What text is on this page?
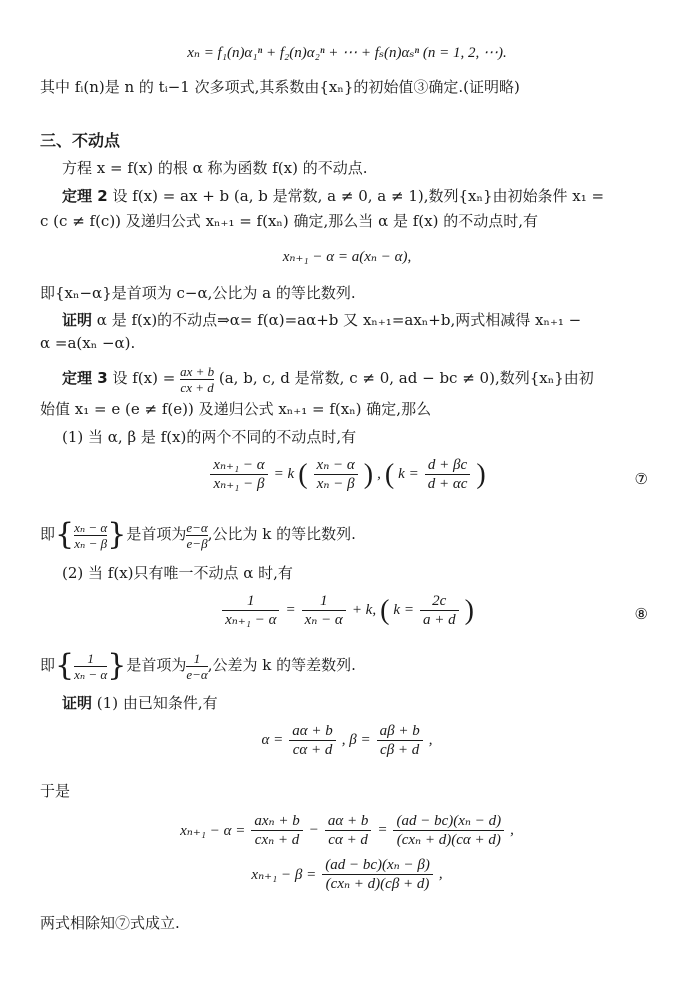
xₙ = f₁(n)α₁ⁿ + f₂(n)α₂ⁿ + ⋯ + fₛ(n)αₛⁿ (n = 1, 2, ⋯).
其中 fᵢ(n)是 n 的 tᵢ−1 次多项式,其系数由{xₙ}的初始值③确定.(证明略)
三、不动点
方程 x = f(x) 的根 α 称为函数 f(x) 的不动点.
定理 2 设 f(x) = ax + b (a, b 是常数, a ≠ 0, a ≠ 1),数列{xₙ}由初始条件 x₁ =
c (c ≠ f(c)) 及递归公式 xₙ₊₁ = f(xₙ) 确定,那么当 α 是 f(x) 的不动点时,有
xₙ₊₁ − α = a(xₙ − α),
即{xₙ−α}是首项为 c−α,公比为 a 的等比数列.
证明 α 是 f(x)的不动点⇒α= f(α)=aα+b 又 xₙ₊₁=axₙ+b,两式相减得 xₙ₊₁ −
α =a(xₙ −α).
定理 3 设 $f(x) = \frac{ax + b}{cx + d} (a$, b, c, d 是常数, c ≠ 0, ad − bc ≠ 0),数列{xₙ}由初
始值 x₁ = e (e ≠ f(e)) 及递归公式 xₙ₊₁ = f(xₙ) 确定,那么
(1) 当 α, β 是 f(x)的两个不同的不动点时,有
$\frac{\text{xₙ₊₁ − α}}{\text{xₙ₊₁ − β}} = k$ ( $\frac{\text{xₙ − α}}{\text{xₙ − β}}$ ) , ( $k = \frac{d + \beta c}{d + \alpha c}$ )	⑦
即{ $\frac{\text{xₙ − α}}{\text{xₙ − β}}$ }是首项为 $\frac{e-\alpha}{e-\beta}$ ,公比为 k 的等比数列.
(2) 当 f(x)只有唯一不动点 α 时,有
$\frac{1}{\text{xₙ₊₁ − α}} = \frac{1}{\text{xₙ − α}} + k$, ( $k = \frac{2c}{a + d}$ )	⑧
即{ $\frac{1}{\text{xₙ − α}}$ }是首项为 $\frac{1}{e-\alpha}$ ,公差为 k 的等差数列.
证明 (1) 由已知条件,有
$\alpha = \frac{a\alpha + b}{c\alpha + d}$ , $\beta = \frac{a\beta + b}{c\beta + d}$ ,
于是
$x_{n+1} - \alpha = \frac{\text{axₙ + b}}{\text{cxₙ + d}} - \frac{a\alpha + b}{c\alpha + d} = \frac{\text{(ad − bc)(xₙ − d)}}{\text{(cxₙ + d)(cα + d)}}$ ,
$x_{n+1} - \beta = \frac{\text{(ad − bc)(xₙ − β)}}{\text{(cxₙ + d)(cβ + d)}}$ ,
两式相除知⑦式成立.
